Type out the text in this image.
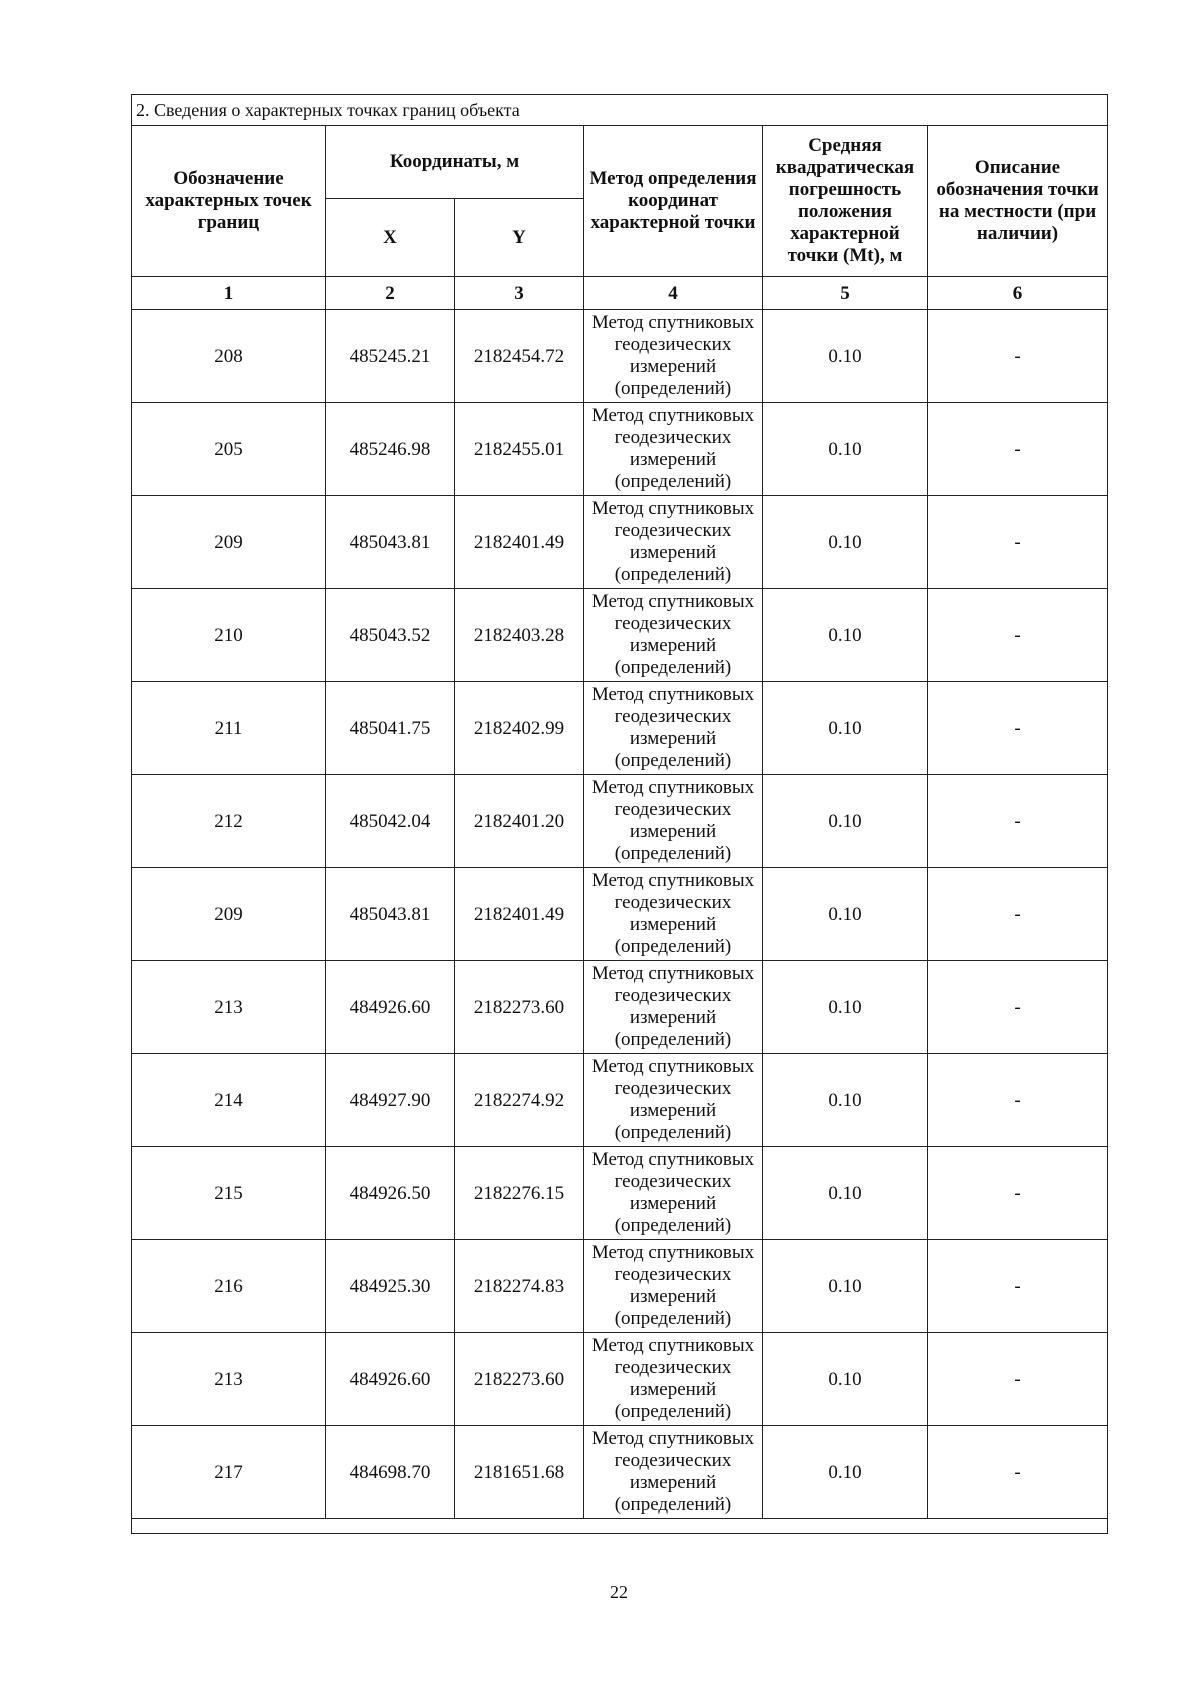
2. Сведения о характерных точках границ объекта					
Обозначение характерных точек границ	Координаты, м		Метод определения координат характерной точки	Средняя квадратическая погрешность положения характерной точки (Mt), м	Описание обозначения точки на местности (при наличии)
	X	Y			
1	2	3	4	5	6
208	485245.21	2182454.72	Метод спутниковых геодезических измерений (определений)	0.10	-
205	485246.98	2182455.01	Метод спутниковых геодезических измерений (определений)	0.10	-
209	485043.81	2182401.49	Метод спутниковых геодезических измерений (определений)	0.10	-
210	485043.52	2182403.28	Метод спутниковых геодезических измерений (определений)	0.10	-
211	485041.75	2182402.99	Метод спутниковых геодезических измерений (определений)	0.10	-
212	485042.04	2182401.20	Метод спутниковых геодезических измерений (определений)	0.10	-
209	485043.81	2182401.49	Метод спутниковых геодезических измерений (определений)	0.10	-
213	484926.60	2182273.60	Метод спутниковых геодезических измерений (определений)	0.10	-
214	484927.90	2182274.92	Метод спутниковых геодезических измерений (определений)	0.10	-
215	484926.50	2182276.15	Метод спутниковых геодезических измерений (определений)	0.10	-
216	484925.30	2182274.83	Метод спутниковых геодезических измерений (определений)	0.10	-
213	484926.60	2182273.60	Метод спутниковых геодезических измерений (определений)	0.10	-
217	484698.70	2181651.68	Метод спутниковых геодезических измерений (определений)	0.10	-

22
